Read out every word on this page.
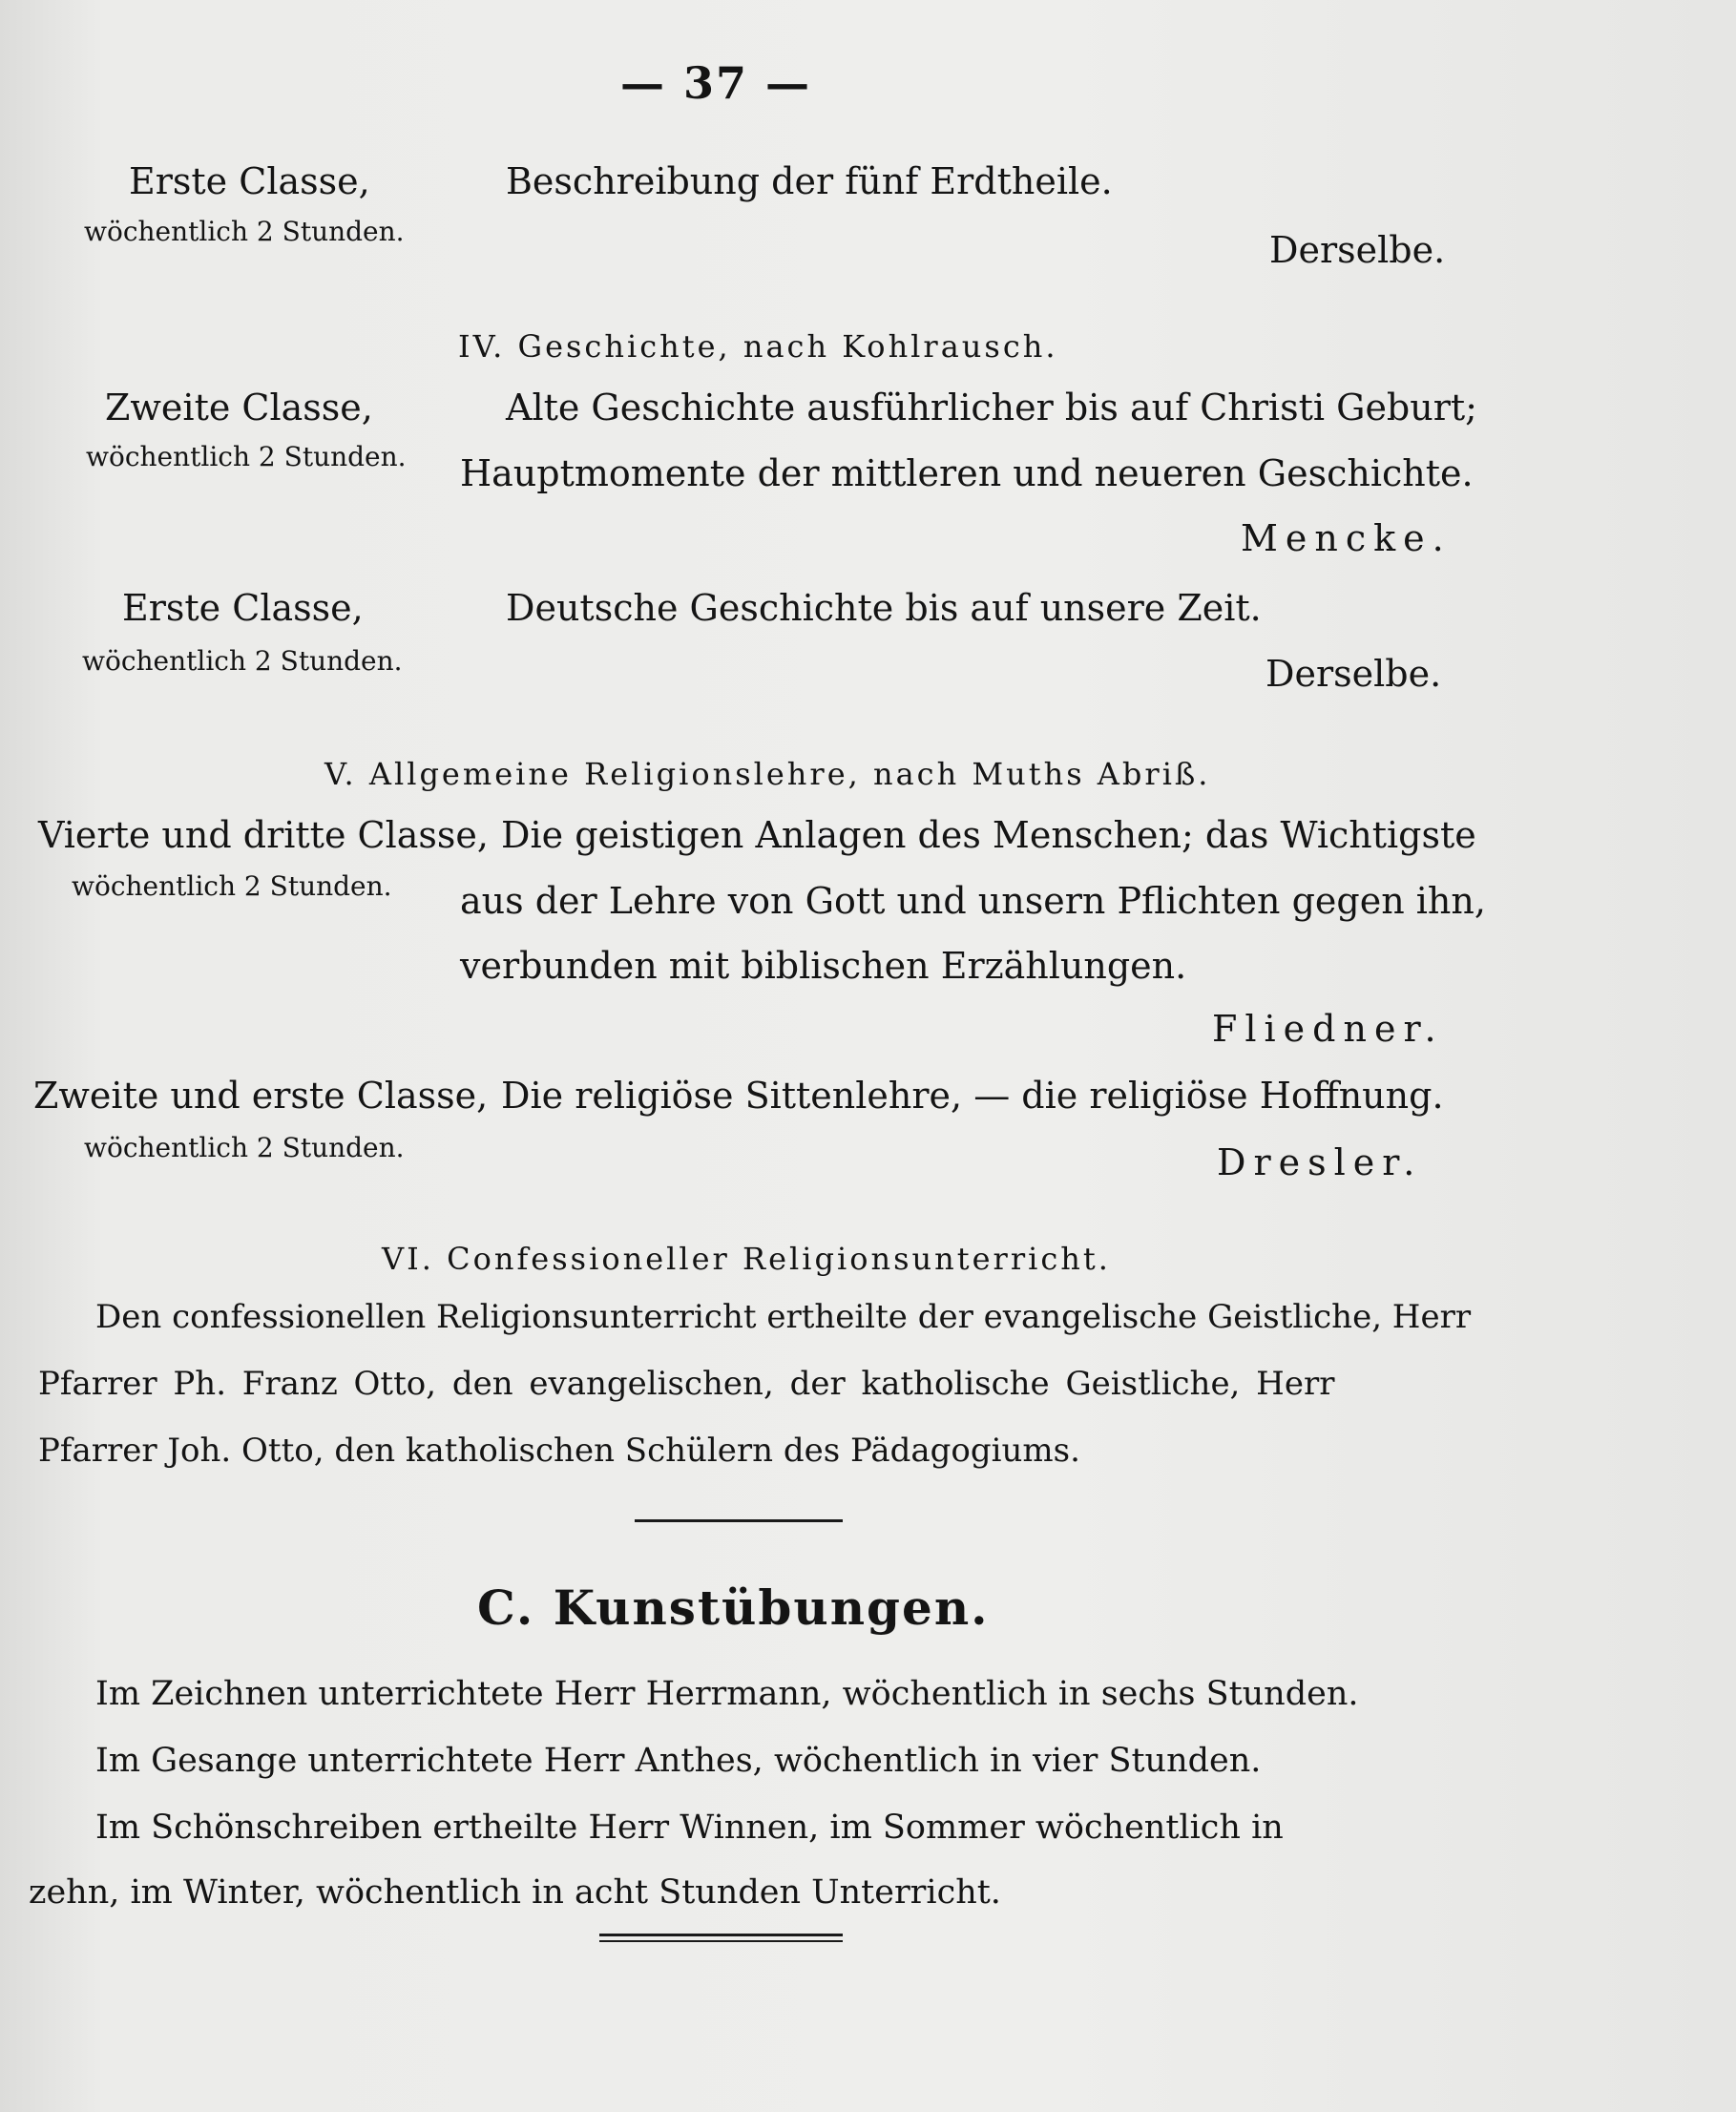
— 37 —
Erste Classe,
wöchentlich 2 Stunden.
Beschreibung der fünf Erdtheile.
Derselbe.
IV. Geschichte, nach Kohlrausch.
Zweite Classe,
wöchentlich 2 Stunden.
Alte Geschichte ausführlicher bis auf Christi Geburt;
Hauptmomente der mittleren und neueren Geschichte.
Mencke.
Erste Classe,
wöchentlich 2 Stunden.
Deutsche Geschichte bis auf unsere Zeit.
Derselbe.
V. Allgemeine Religionslehre, nach Muths Abriß.
Vierte und dritte Classe,
wöchentlich 2 Stunden.
Die geistigen Anlagen des Menschen; das Wichtigste
aus der Lehre von Gott und unsern Pflichten gegen ihn,
verbunden mit biblischen Erzählungen.
Fliedner.
Zweite und erste Classe,
wöchentlich 2 Stunden.
Die religiöse Sittenlehre, — die religiöse Hoffnung.
Dresler.
VI. Confessioneller Religionsunterricht.
Den confessionellen Religionsunterricht ertheilte der evangelische Geistliche, Herr
Pfarrer Ph. Franz Otto, den evangelischen, der katholische Geistliche, Herr
Pfarrer Joh. Otto, den katholischen Schülern des Pädagogiums.
C. Kunstübungen.
Im Zeichnen unterrichtete Herr Herrmann, wöchentlich in sechs Stunden.
Im Gesange unterrichtete Herr Anthes, wöchentlich in vier Stunden.
Im Schönschreiben ertheilte Herr Winnen, im Sommer wöchentlich in
zehn, im Winter, wöchentlich in acht Stunden Unterricht.
